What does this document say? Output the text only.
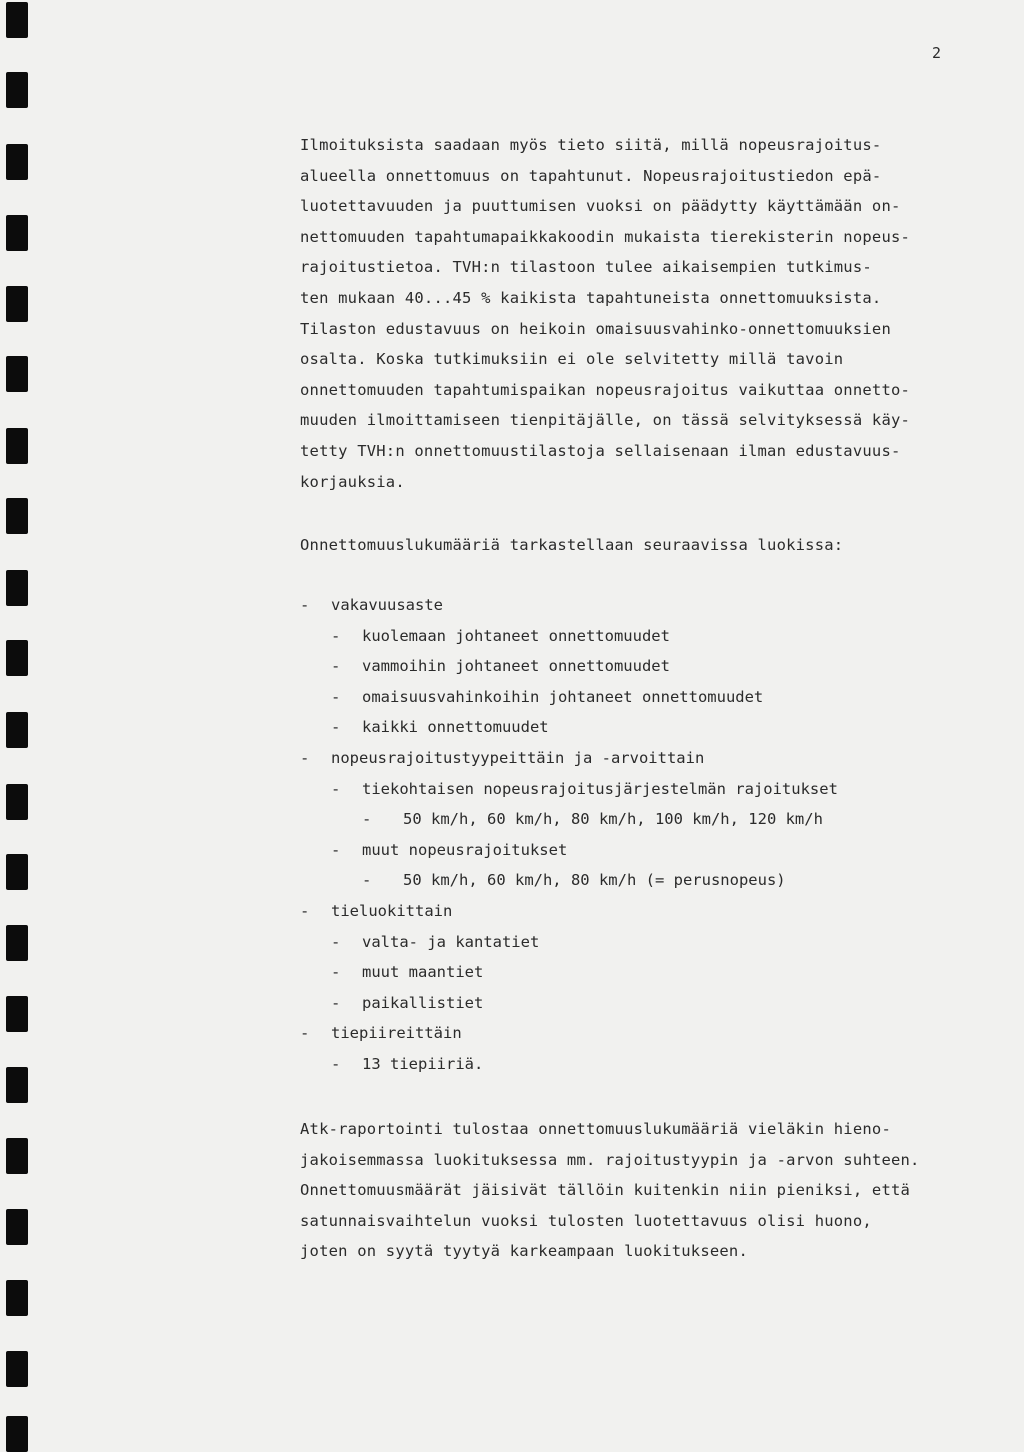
2
Ilmoituksista saadaan myös tieto siitä, millä nopeusrajoitus-
alueella onnettomuus on tapahtunut. Nopeusrajoitustiedon epä-
luotettavuuden ja puuttumisen vuoksi on päädytty käyttämään on-
nettomuuden tapahtumapaikkakoodin mukaista tierekisterin nopeus-
rajoitustietoa. TVH:n tilastoon tulee aikaisempien tutkimus-
ten mukaan 40...45 % kaikista tapahtuneista onnettomuuksista.
Tilaston edustavuus on heikoin omaisuusvahinko-onnettomuuksien
osalta. Koska tutkimuksiin ei ole selvitetty millä tavoin
onnettomuuden tapahtumispaikan nopeusrajoitus vaikuttaa onnetto-
muuden ilmoittamiseen tienpitäjälle, on tässä selvityksessä käy-
tetty TVH:n onnettomuustilastoja sellaisenaan ilman edustavuus-
korjauksia.
Onnettomuuslukumääriä tarkastellaan seuraavissa luokissa:
- vakavuusaste
- kuolemaan johtaneet onnettomuudet
- vammoihin johtaneet onnettomuudet
- omaisuusvahinkoihin johtaneet onnettomuudet
- kaikki onnettomuudet
- nopeusrajoitustyypeittäin ja -arvoittain
- tiekohtaisen nopeusrajoitusjärjestelmän rajoitukset
- 50 km/h, 60 km/h, 80 km/h, 100 km/h, 120 km/h
- muut nopeusrajoitukset
- 50 km/h, 60 km/h, 80 km/h (= perusnopeus)
- tieluokittain
- valta- ja kantatiet
- muut maantiet
- paikallistiet
- tiepiireittäin
- 13 tiepiiriä.
Atk-raportointi tulostaa onnettomuuslukumääriä vieläkin hieno-
jakoisemmassa luokituksessa mm. rajoitustyypin ja -arvon suhteen.
Onnettomuusmäärät jäisivät tällöin kuitenkin niin pieniksi, että
satunnaisvaihtelun vuoksi tulosten luotettavuus olisi huono,
joten on syytä tyytyä karkeampaan luokitukseen.
